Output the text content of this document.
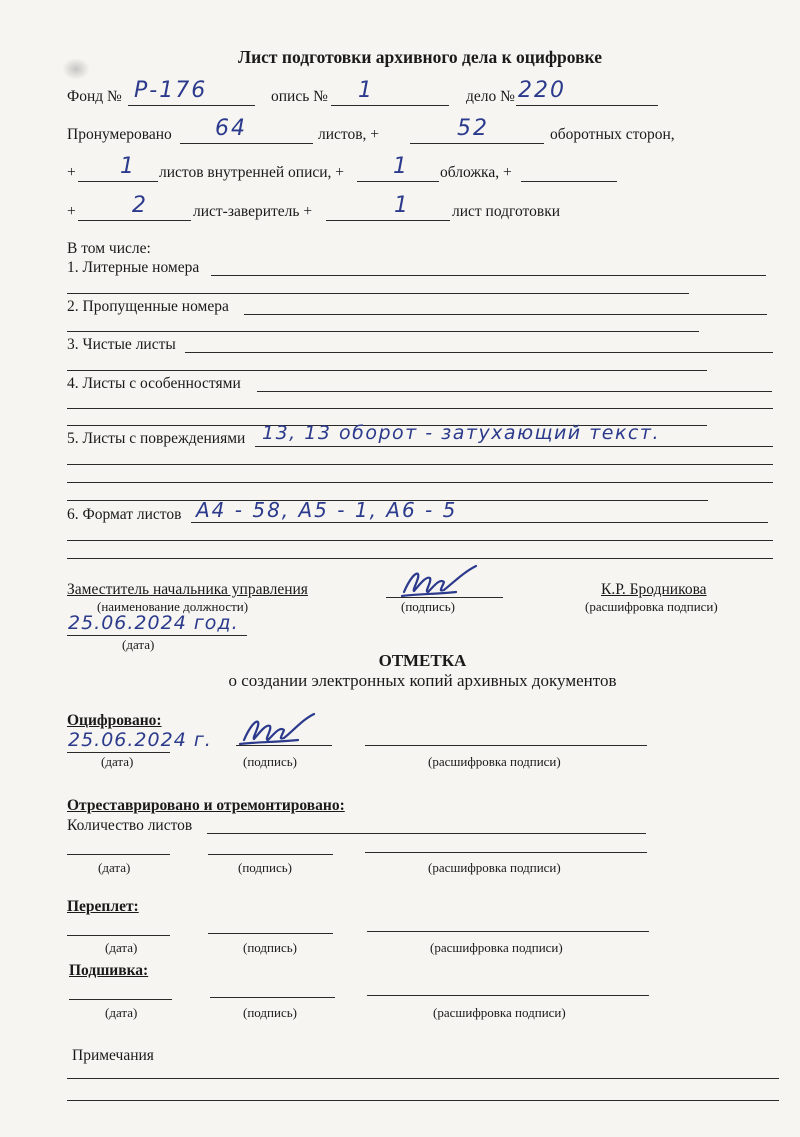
Лист подготовки архивного дела к оцифровке
Фонд № Р-176	опись № 1	дело № 220
Пронумеровано 64	листов, +	52	оборотных сторон,
+ 1 листов внутренней описи, + 1 обложка, +
+	2	лист-заверитель +	1	лист подготовки
В том числе:
1. Литерные номера
2. Пропущенные номера
3. Чистые листы
4. Листы с особенностями
5. Листы с повреждениями 13, 13 оборот - затухающий текст.
6. Формат листов А4 - 58, А5 - 1, А6 - 5
Заместитель начальника управления
(наименование должности)	(подпись)
К.Р. Бродникова
(расшифровка подписи)
25.06.2024 год.
(дата)
ОТМЕТКА
о создании электронных копий архивных документов
Оцифровано:
25.06.2024 г.
(дата)	(подпись)	(расшифровка подписи)
Отреставрировано и отремонтировано:
Количество листов
(дата)	(подпись)	(расшифровка подписи)
Переплет:
(дата)	(подпись)	(расшифровка подписи)
Подшивка:
(дата)	(подпись)	(расшифровка подписи)
Примечания
